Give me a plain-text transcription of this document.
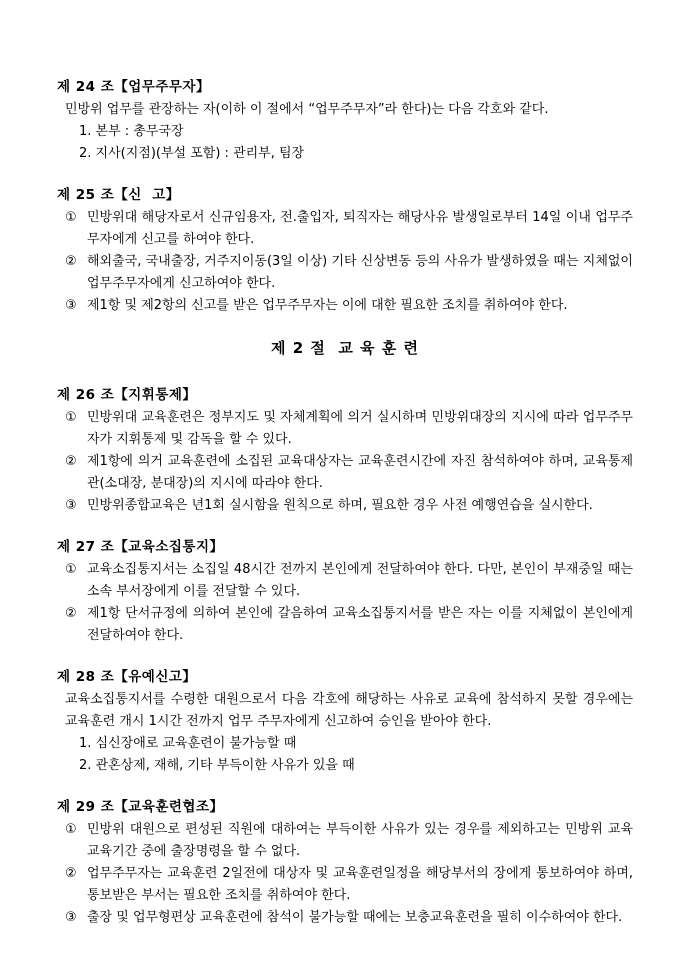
제 24 조【업무주무자】
민방위 업무를 관장하는 자(이하 이 절에서 “업무주무자”라 한다)는 다음 각호와 같다.
1. 본부 : 총무국장
2. 지사(지점)(부설 포함) : 관리부, 팀장
제 25 조【신  고】
① 민방위대 해당자로서 신규임용자, 전.출입자, 퇴직자는 해당사유 발생일로부터 14일 이내 업무주무자에게 신고를 하여야 한다.
② 해외출국, 국내출장, 거주지이동(3일 이상) 기타 신상변동 등의 사유가 발생하였을 때는 지체없이 업무주무자에게 신고하여야 한다.
③ 제1항 및 제2항의 신고를 받은 업무주무자는 이에 대한 필요한 조치를 취하여야 한다.
제 2 절  교 육 훈 련
제 26 조【지휘통제】
① 민방위대 교육훈련은 정부지도 및 자체계획에 의거 실시하며 민방위대장의 지시에 따라 업무주무자가 지휘통제 및 감독을 할 수 있다.
② 제1항에 의거 교육훈련에 소집된 교육대상자는 교육훈련시간에 자진 참석하여야 하며, 교육통제관(소대장, 분대장)의 지시에 따라야 한다.
③ 민방위종합교육은 년1회 실시함을 원칙으로 하며, 필요한 경우 사전 예행연습을 실시한다.
제 27 조【교육소집통지】
① 교육소집통지서는 소집일 48시간 전까지 본인에게 전달하여야 한다. 다만, 본인이 부재중일 때는 소속 부서장에게 이를 전달할 수 있다.
② 제1항 단서규정에 의하여 본인에 갈음하여 교육소집통지서를 받은 자는 이를 지체없이 본인에게 전달하여야 한다.
제 28 조【유예신고】
교육소집통지서를 수령한 대원으로서 다음 각호에 해당하는 사유로 교육에 참석하지 못할 경우에는 교육훈련 개시 1시간 전까지 업무 주무자에게 신고하여 승인을 받아야 한다.
1. 심신장애로 교육훈련이 불가능할 때
2. 관혼상제, 재해, 기타 부득이한 사유가 있을 때
제 29 조【교육훈련협조】
① 민방위 대원으로 편성된 직원에 대하여는 부득이한 사유가 있는 경우를 제외하고는 민방위 교육 교육기간 중에 출장명령을 할 수 없다.
② 업무주무자는 교육훈련 2일전에 대상자 및 교육훈련일정을 해당부서의 장에게 통보하여야 하며, 통보받은 부서는 필요한 조치를 취하여야 한다.
③ 출장 및 업무형편상 교육훈련에 참석이 불가능할 때에는 보충교육훈련을 필히 이수하여야 한다.
